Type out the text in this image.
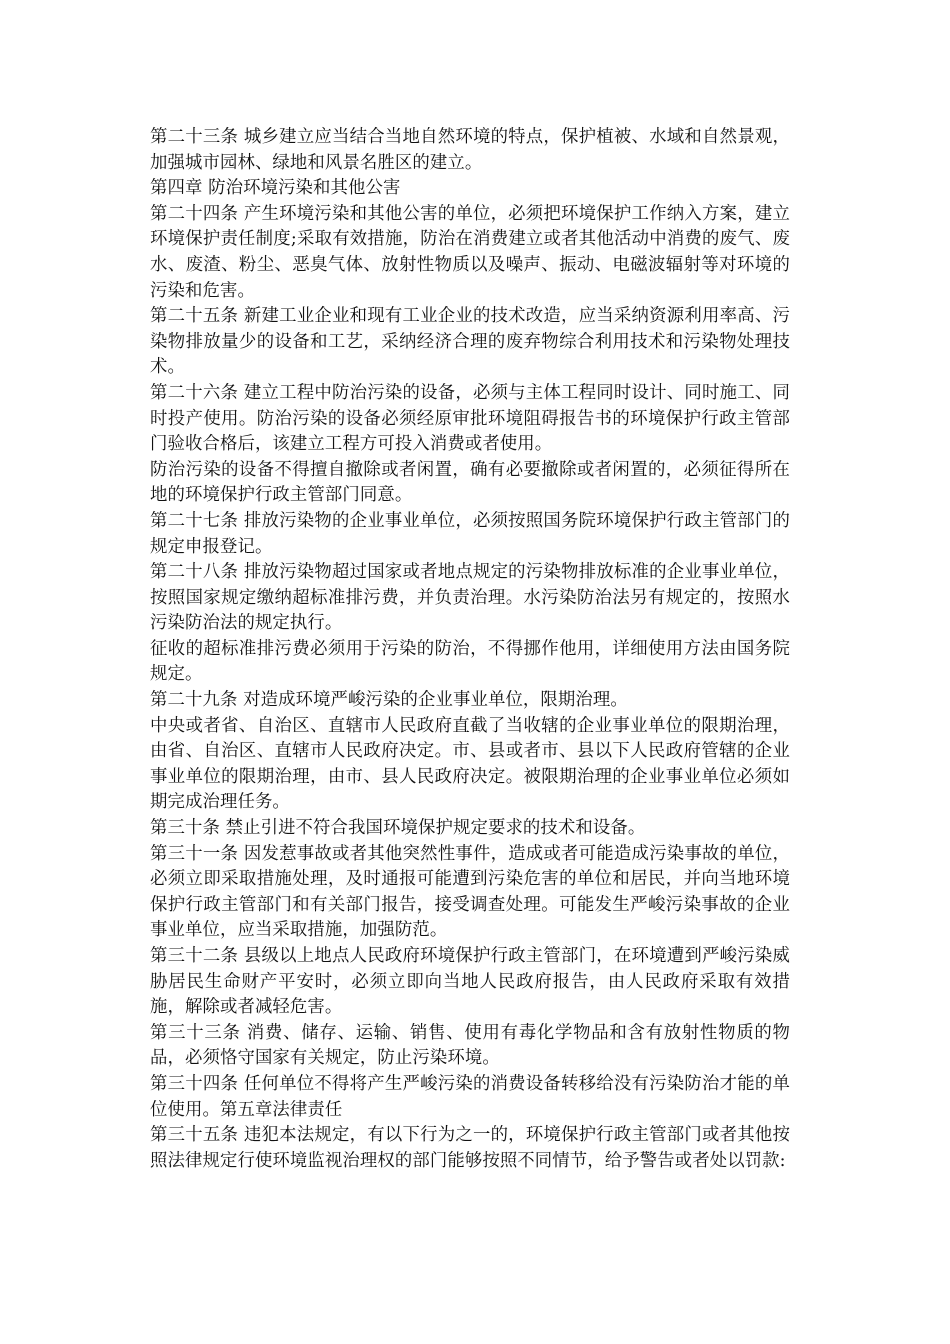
第二十三条 城乡建立应当结合当地自然环境的特点，保护植被、水域和自然景观，加强城市园林、绿地和风景名胜区的建立。

第四章 防治环境污染和其他公害

第二十四条 产生环境污染和其他公害的单位，必须把环境保护工作纳入方案，建立环境保护责任制度;采取有效措施，防治在消费建立或者其他活动中消费的废气、废水、废渣、粉尘、恶臭气体、放射性物质以及噪声、振动、电磁波辐射等对环境的污染和危害。

第二十五条 新建工业企业和现有工业企业的技术改造，应当采纳资源利用率高、污染物排放量少的设备和工艺，采纳经济合理的废弃物综合利用技术和污染物处理技术。

第二十六条 建立工程中防治污染的设备，必须与主体工程同时设计、同时施工、同时投产使用。防治污染的设备必须经原审批环境阻碍报告书的环境保护行政主管部门验收合格后，该建立工程方可投入消费或者使用。

防治污染的设备不得擅自撤除或者闲置，确有必要撤除或者闲置的，必须征得所在地的环境保护行政主管部门同意。

第二十七条 排放污染物的企业事业单位，必须按照国务院环境保护行政主管部门的规定申报登记。

第二十八条 排放污染物超过国家或者地点规定的污染物排放标准的企业事业单位，按照国家规定缴纳超标准排污费，并负责治理。水污染防治法另有规定的，按照水污染防治法的规定执行。

征收的超标准排污费必须用于污染的防治，不得挪作他用，详细使用方法由国务院规定。

第二十九条 对造成环境严峻污染的企业事业单位，限期治理。

中央或者省、自治区、直辖市人民政府直截了当收辖的企业事业单位的限期治理，由省、自治区、直辖市人民政府决定。市、县或者市、县以下人民政府管辖的企业事业单位的限期治理，由市、县人民政府决定。被限期治理的企业事业单位必须如期完成治理任务。

第三十条 禁止引进不符合我国环境保护规定要求的技术和设备。

第三十一条 因发惹事故或者其他突然性事件，造成或者可能造成污染事故的单位，必须立即采取措施处理，及时通报可能遭到污染危害的单位和居民，并向当地环境保护行政主管部门和有关部门报告，接受调查处理。可能发生严峻污染事故的企业事业单位，应当采取措施，加强防范。

第三十二条 县级以上地点人民政府环境保护行政主管部门，在环境遭到严峻污染威胁居民生命财产平安时，必须立即向当地人民政府报告，由人民政府采取有效措施，解除或者减轻危害。

第三十三条 消费、储存、运输、销售、使用有毒化学物品和含有放射性物质的物品，必须恪守国家有关规定，防止污染环境。

第三十四条 任何单位不得将产生严峻污染的消费设备转移给没有污染防治才能的单位使用。第五章法律责任

第三十五条 违犯本法规定，有以下行为之一的，环境保护行政主管部门或者其他按照法律规定行使环境监视治理权的部门能够按照不同情节，给予警告或者处以罚款:
